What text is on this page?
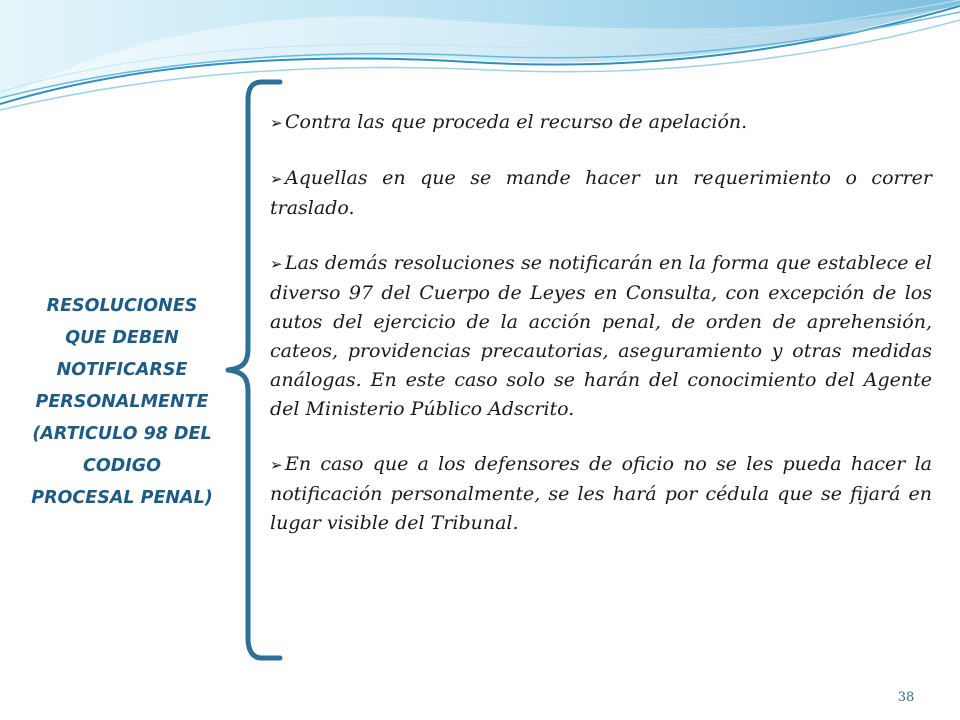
RESOLUCIONES
QUE DEBEN
NOTIFICARSE
PERSONALMENTE
(ARTICULO 98 DEL
CODIGO
PROCESAL PENAL)

➢ Contra las que proceda el recurso de apelación.

➢ Aquellas en que se mande hacer un requerimiento o correr traslado.

➢ Las demás resoluciones se notificarán en la forma que establece el diverso 97 del Cuerpo de Leyes en Consulta, con excepción de los autos del ejercicio de la acción penal, de orden de aprehensión, cateos, providencias precautorias, aseguramiento y otras medidas análogas. En este caso solo se harán del conocimiento del Agente del Ministerio Público Adscrito.

➢ En caso que a los defensores de oficio no se les pueda hacer la notificación personalmente, se les hará por cédula que se fijará en lugar visible del Tribunal.

38
